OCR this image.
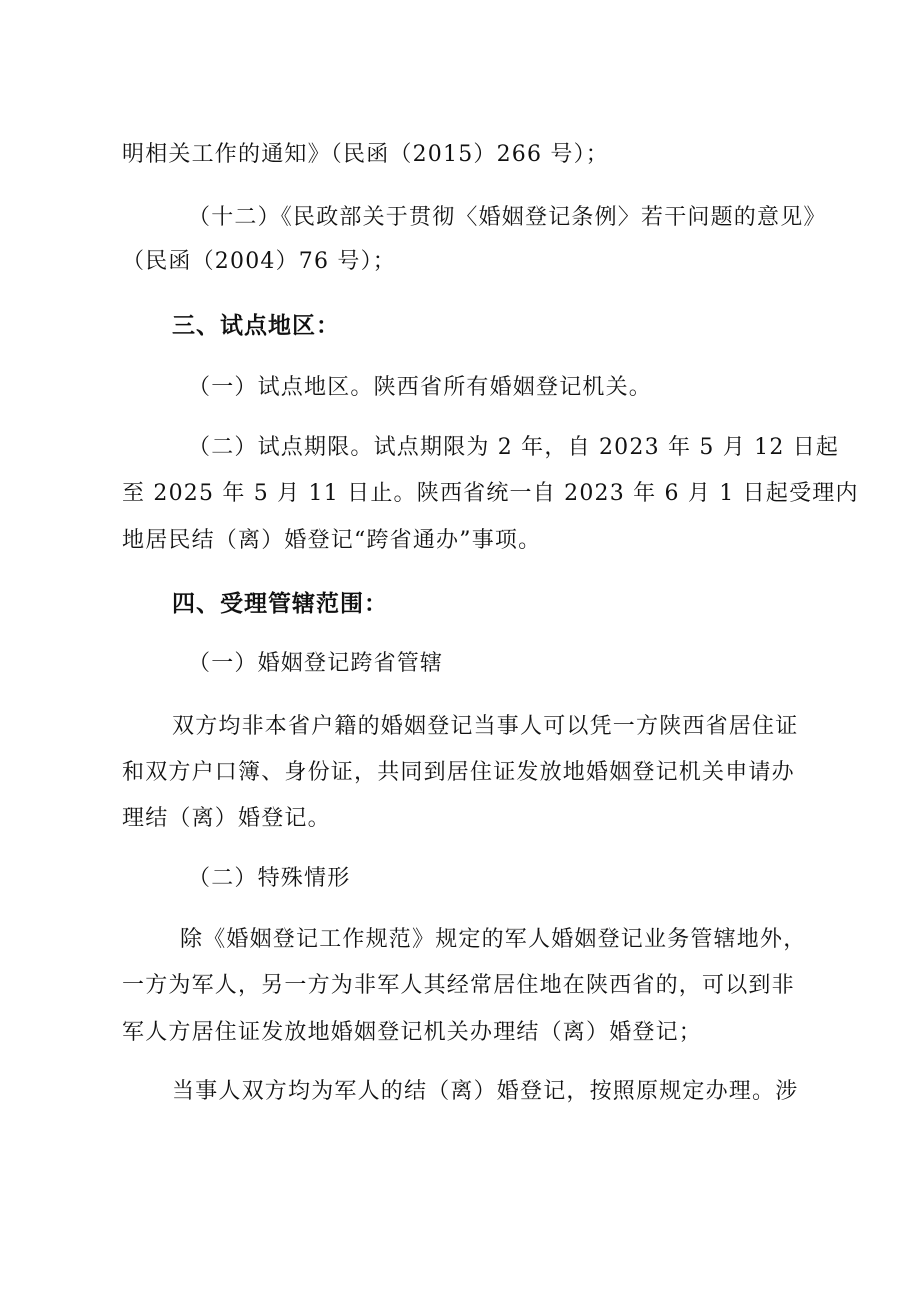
明相关工作的通知》（民函（2015）266 号）；
（十二）《民政部关于贯彻〈婚姻登记条例〉若干问题的意见》
（民函（2004）76 号）；
三、试点地区：
（一）试点地区。陕西省所有婚姻登记机关。
（二）试点期限。试点期限为 2 年，自 2023 年 5 月 12 日起
至 2025 年 5 月 11 日止。陕西省统一自 2023 年 6 月 1 日起受理内
地居民结（离）婚登记“跨省通办”事项。
四、受理管辖范围：
（一）婚姻登记跨省管辖
双方均非本省户籍的婚姻登记当事人可以凭一方陕西省居住证
和双方户口簿、身份证，共同到居住证发放地婚姻登记机关申请办
理结（离）婚登记。
（二）特殊情形
除《婚姻登记工作规范》规定的军人婚姻登记业务管辖地外，
一方为军人，另一方为非军人其经常居住地在陕西省的，可以到非
军人方居住证发放地婚姻登记机关办理结（离）婚登记；
当事人双方均为军人的结（离）婚登记，按照原规定办理。涉
